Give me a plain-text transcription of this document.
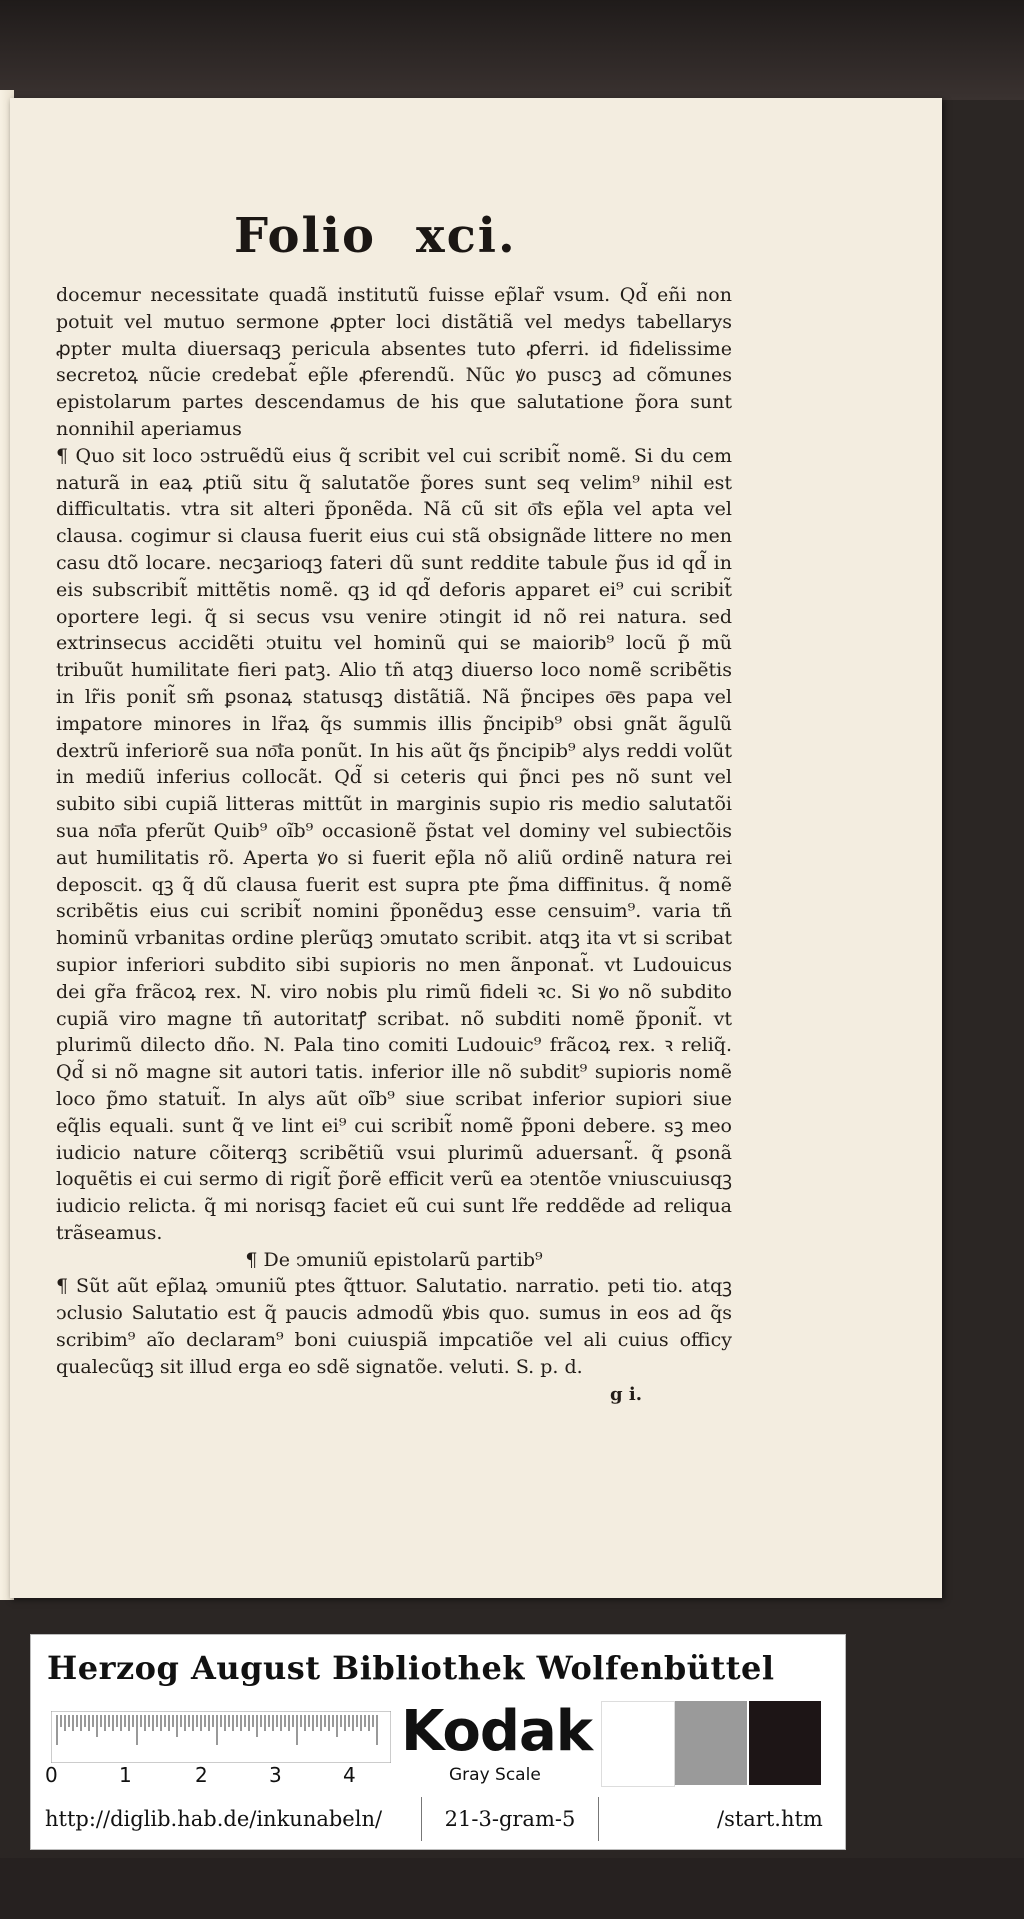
Folio xci.

docemur necessitate quadã institutũ fuisse ep̃lar̃ vsum. Qd̃ eñi non potuit vel mutuo sermone ꝓpter loci distãtiã vel medys tabellarys ꝓpter multa diuersaqꝫ pericula absentes tuto ꝓferri. id fidelissime secretoꝝ nũcie credebat̃ ep̃le ꝓferendũ. Nũc ꝟo puscꝫ ad cõmunes epistolarum partes descendamus de his que salutatione p̃ora sunt nonnihil aperiamus

¶ Quo sit loco ↄstruẽdũ eius q̃ scribit vel cui scribit̃ nomẽ. Si du cem naturã in eaꝝ ꝓtiũ situ q̃ salutatõe p̃ores sunt seq velim⁹ nihil est difficultatis. vtra sit alteri p̃ponẽda. Nã cũ sit o͞is ep̃la vel apta vel clausa. cogimur si clausa fuerit eius cui stã obsignãde littere no men casu dtõ locare. necꝫarioqꝫ fateri dũ sunt reddite tabule p̃us id qd̃ in eis subscribit̃ mittẽtis nomẽ. qꝫ id qd̃ deforis apparet ei⁹ cui scribit̃ oportere legi. q̃ si secus vsu venire ↄtingit id nõ rei natura. sed extrinsecus accidẽti ↄtuitu vel hominũ qui se maiorib⁹ locũ p̃ mũ tribuũt humilitate fieri patꝫ. Alio tñ atqꝫ diuerso loco nomẽ scribẽtis in lr̃is ponit̃ sm̃ ꝑsonaꝝ statusqꝫ distãtiã. Nã p̃ncipes o͞es papa vel imꝑatore minores in lr̃aꝝ q̃s summis illis p̃ncipib⁹ obsi gnãt ãgulũ dextrũ inferiorẽ sua no͞ia ponũt. In his aũt q̃s p̃ncipib⁹ alys reddi volũt in mediũ inferius collocãt. Qd̃ si ceteris qui p̃nci pes nõ sunt vel subito sibi cupiã litteras mittũt in marginis supio ris medio salutatõi sua no͞ia pferũt Quib⁹ oĩb⁹ occasionẽ p̃stat vel dominy vel subiectõis aut humilitatis rõ. Aperta ꝟo si fuerit ep̃la nõ aliũ ordinẽ natura rei deposcit. qꝫ q̃ dũ clausa fuerit est supra pte p̃ma diffinitus. q̃ nomẽ scribẽtis eius cui scribit̃ nomini p̃ponẽduꝫ esse censuim⁹. varia tñ hominũ vrbanitas ordine plerũqꝫ ↄmutato scribit. atqꝫ ita vt si scribat supior inferiori subdito sibi supioris no men ãnponat̃. vt Ludouicus dei gr̃a frãcoꝝ rex. N. viro nobis plu rimũ fideli ꝛc. Si ꝟo nõ subdito cupiã viro magne tñ autoritatꝭ scribat. nõ subditi nomẽ p̃ponit̃. vt plurimũ dilecto dño. N. Pala tino comiti Ludouic⁹ frãcoꝝ rex. ꝛ reliq̃. Qd̃ si nõ magne sit autori tatis. inferior ille nõ subdit⁹ supioris nomẽ loco p̃mo statuit̃. In alys aũt oĩb⁹ siue scribat inferior supiori siue eq̃lis equali. sunt q̃ ve lint ei⁹ cui scribit̃ nomẽ p̃poni debere. sꝫ meo iudicio nature cõiterqꝫ scribẽtiũ vsui plurimũ aduersant̃. q̃ ꝑsonã loquẽtis ei cui sermo di rigit̃ p̃orẽ efficit verũ ea ↄtentõe vniuscuiusqꝫ iudicio relicta. q̃ mi norisqꝫ faciet eũ cui sunt lr̃e reddẽde ad reliqua trãseamus.

¶ De ↄmuniũ epistolarũ partib⁹

¶ Sũt aũt ep̃laꝝ ↄmuniũ ptes q̃ttuor. Salutatio. narratio. peti tio. atqꝫ ↄclusio Salutatio est q̃ paucis admodũ ꝟbis quo. sumus in eos ad q̃s scribim⁹ aĩo declaram⁹ boni cuiuspiã impcatiõe vel ali cuius officy qualecũqꝫ sit illud erga eo sdẽ signatõe. veluti. S. p. d.

g i.
Herzog August Bibliothek Wolfenbüttel
0	1	2	3	4
Kodak
Gray Scale
http://diglib.hab.de/inkunabeln/	21-3-gram-5	/start.htm
